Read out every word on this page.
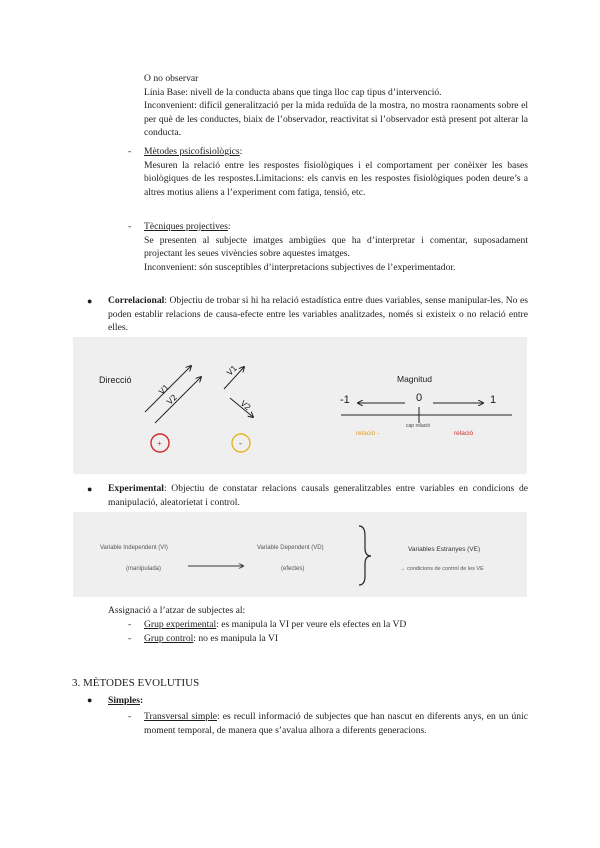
O no observar
Línia Base: nivell de la conducta abans que tinga lloc cap tipus d’intervenció.
Inconvenient: difícil generalització per la mida reduïda de la mostra, no mostra raonaments sobre el per què de les conductes, biaix de l’observador, reactivitat si l’observador està present pot alterar la conducta.
- Mètodes psicofisiològics:
Mesuren la relació entre les respostes fisiològiques i el comportament per conèixer les bases biològiques de les respostes.Limitacions: els canvis en les respostes fisiològiques poden deure’s a altres motius aliens a l’experiment com fatiga, tensió, etc.
- Tècniques projectives:
Se presenten al subjecte imatges ambigües que ha d’interpretar i comentar, suposadament projectant les seues vivències sobre aquestes imatges.
Inconvenient: són susceptibles d’interpretacions subjectives de l’experimentador.
● Correlacional: Objectiu de trobar si hi ha relació estadística entre dues variables, sense manipular-les. No es poden establir relacions de causa-efecte entre les variables analitzades, només si existeix o no relació entre elles.
Direcció
V1
V2
V1
V2
+	-
Magnitud
-1	0	1
relació -
cap relació
relació
● Experimental: Objectiu de constatar relacions causals generalitzables entre variables en condicions de manipulació, aleatorietat i control.
Variable Independent (VI)
(manipulada)
Variable Dependent (VD)
(efectes)
Variables Estranyes (VE)
→ condicions de control de les VE
Assignació a l’atzar de subjectes al:
- Grup experimental: es manipula la VI per veure els efectes en la VD
- Grup control: no es manipula la VI
3. MÈTODES EVOLUTIUS
● Simples:
- Transversal simple: es recull informació de subjectes que han nascut en diferents anys, en un únic moment temporal, de manera que s’avalua alhora a diferents generacions.
